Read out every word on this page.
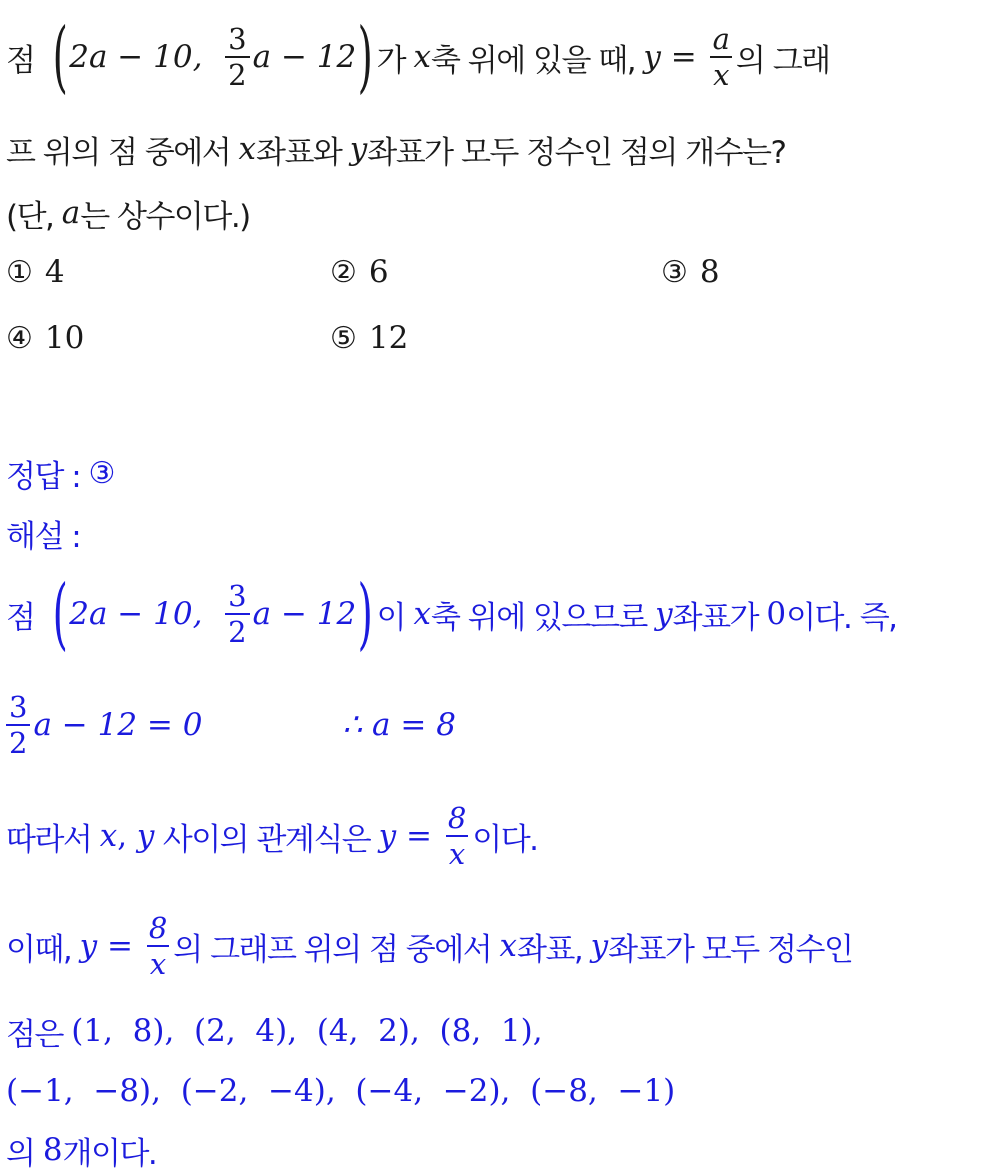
점 ( 2a − 10, $\frac{3}{2}$ a − 12 ) 가 x 축 위에 있을 때, $y = \frac{a}{x}$ 의 그래
프 위의 점 중에서 x 좌표와 y 좌표가 모두 정수인 점의 개수는?
(단, a 는 상수이다.)
① 4	② 6	③ 8
④ 10	⑤ 12
정답 : ③
해설 :
점 ( 2a − 10, $\frac{3}{2}$ a − 12 ) 이 x 축 위에 있으므로 y 좌표가 0 이다. 즉,
$\frac{3}{2}$ a − 12 = 0	∴ a = 8
따라서 x , y 사이의 관계식은 $y = \frac{8}{x}$ 이다.
이때, $y = \frac{8}{x}$ 의 그래프 위의 점 중에서 x 좌표, y 좌표가 모두 정수인
점은 (1,  8),  (2,  4),  (4,  2),  (8,  1),
(−1,  −8),  (−2,  −4),  (−4,  −2),  (−8,  −1)
의 8 개이다.
